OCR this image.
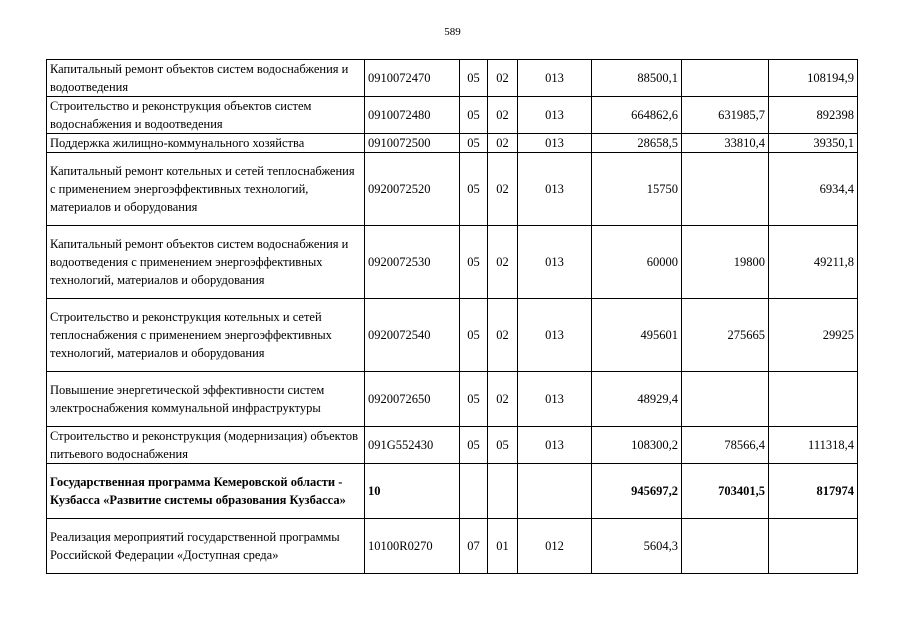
589
Капитальный ремонт объектов систем водоснабжения и водоотведения	0910072470	05	02	013	88500,1		108194,9
Строительство и реконструкция объектов систем водоснабжения и водоотведения	0910072480	05	02	013	664862,6	631985,7	892398
Поддержка жилищно-коммунального хозяйства	0910072500	05	02	013	28658,5	33810,4	39350,1
Капитальный ремонт котельных и сетей теплоснабжения с применением энергоэффективных технологий, материалов и оборудования	0920072520	05	02	013	15750		6934,4
Капитальный ремонт объектов систем водоснабжения и водоотведения с применением энергоэффективных технологий, материалов и оборудования	0920072530	05	02	013	60000	19800	49211,8
Строительство и реконструкция котельных и сетей теплоснабжения с применением энергоэффективных технологий, материалов и оборудования	0920072540	05	02	013	495601	275665	29925
Повышение энергетической эффективности систем электроснабжения коммунальной инфраструктуры	0920072650	05	02	013	48929,4		
Строительство и реконструкция (модернизация) объектов питьевого водоснабжения	091G552430	05	05	013	108300,2	78566,4	111318,4
Государственная программа Кемеровской области - Кузбасса «Развитие системы образования Кузбасса»	10				945697,2	703401,5	817974
Реализация мероприятий государственной программы Российской Федерации «Доступная среда»	10100R0270	07	01	012	5604,3		
